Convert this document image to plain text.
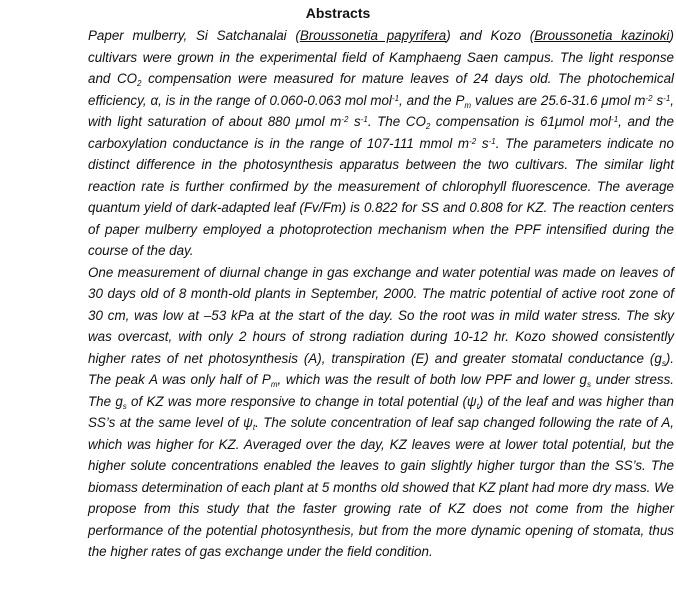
Abstracts

Paper mulberry, Si Satchanalai (Broussonetia papyrifera) and Kozo (Broussonetia kazinoki) cultivars were grown in the experimental field of Kamphaeng Saen campus. The light response and $CO_2$ compensation were measured for mature leaves of 24 days old. The photochemical efficiency, α, is in the range of 0.060-0.063 mol mol$^{-1}$, and the $P_m$ values are 25.6-31.6 μmol $m^{-2}$ $s^{-1}$, with light saturation of about 880 μmol $m^{-2}$ $s^{-1}$. The $CO_2$ compensation is 61μmol mol$^{-1}$, and the carboxylation conductance is in the range of 107-111 mmol $m^{-2}$ $s^{-1}$. The parameters indicate no distinct difference in the photosynthesis apparatus between the two cultivars. The similar light reaction rate is further confirmed by the measurement of chlorophyll fluorescence. The average quantum yield of dark-adapted leaf (Fv/Fm) is 0.822 for SS and 0.808 for KZ. The reaction centers of paper mulberry employed a photoprotection mechanism when the PPF intensified during the course of the day.

One measurement of diurnal change in gas exchange and water potential was made on leaves of 30 days old of 8 month-old plants in September, 2000. The matric potential of active root zone of 30 cm, was low at –53 kPa at the start of the day. So the root was in mild water stress. The sky was overcast, with only 2 hours of strong radiation during 10-12 hr. Kozo showed consistently higher rates of net photosynthesis (A), transpiration (E) and greater stomatal conductance $(g_s)$. The peak A was only half of $P_m$, which was the result of both low PPF and lower $g_s$ under stress. The $g_s$ of KZ was more responsive to change in total potential $(\psi_t)$ of the leaf and was higher than SS’s at the same level of $\psi_t$. The solute concentration of leaf sap changed following the rate of A, which was higher for KZ. Averaged over the day, KZ leaves were at lower total potential, but the higher solute concentrations enabled the leaves to gain slightly higher turgor than the SS’s. The biomass determination of each plant at 5 months old showed that KZ plant had more dry mass. We propose from this study that the faster growing rate of KZ does not come from the higher performance of the potential photosynthesis, but from the more dynamic opening of stomata, thus the higher rates of gas exchange under the field condition.
